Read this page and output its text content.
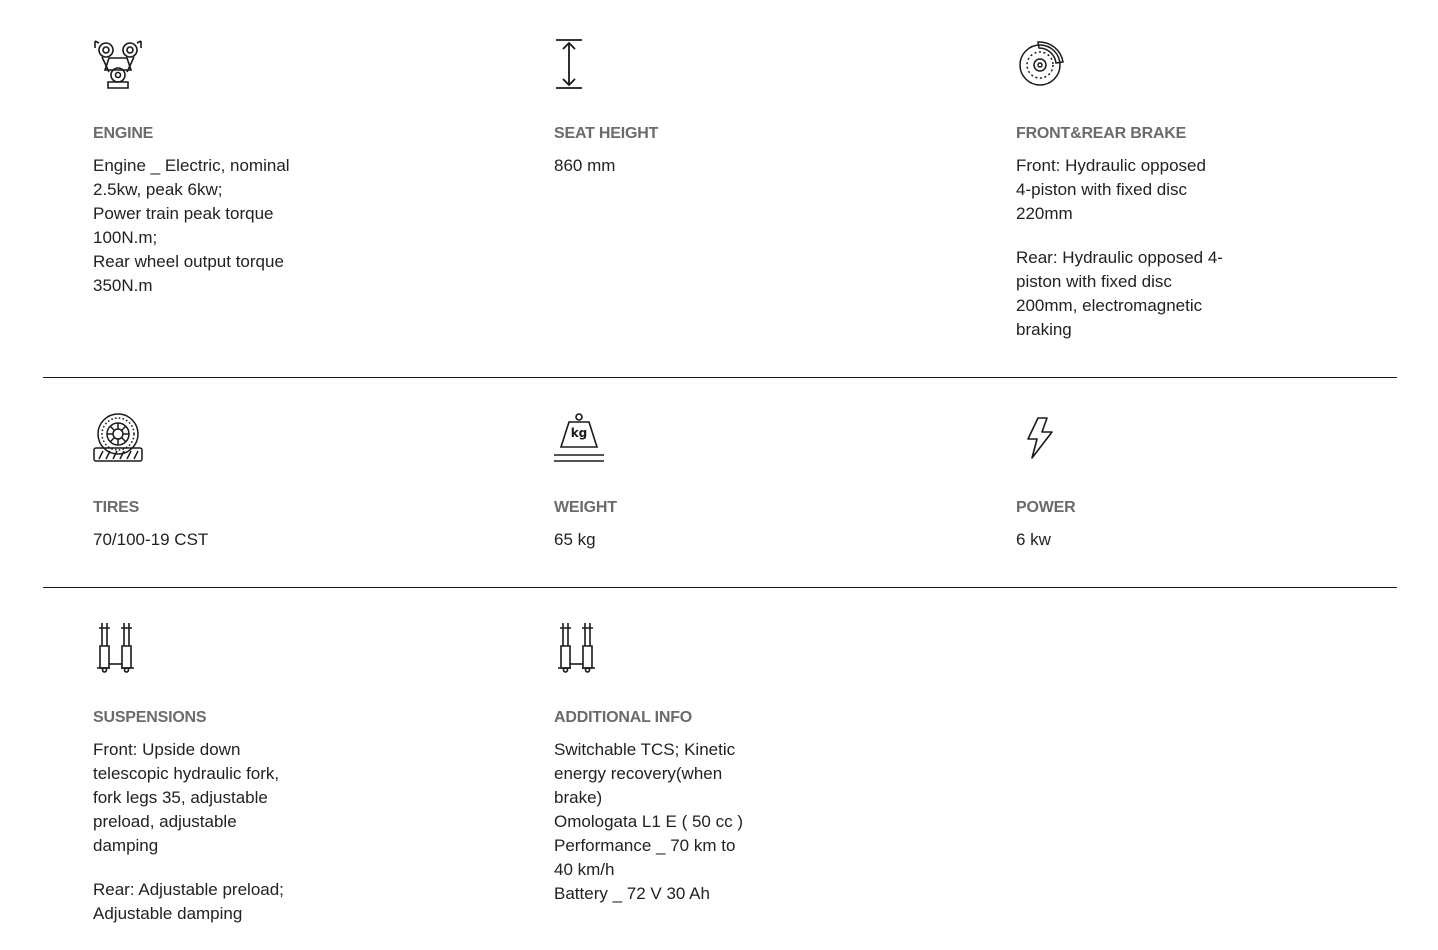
ENGINE

Engine _ Electric, nominal

2.5kw, peak 6kw;

Power train peak torque

100N.m;

Rear wheel output torque

350N.m

SEAT HEIGHT

860 mm

FRONT&REAR BRAKE

Front: Hydraulic opposed

4-piston with fixed disc

220mm

Rear: Hydraulic opposed 4-

piston with fixed disc

200mm, electromagnetic

braking

TIRES

70/100-19 CST

kg
WEIGHT

65 kg

POWER

6 kw

SUSPENSIONS

Front: Upside down

telescopic hydraulic fork,

fork legs 35, adjustable

preload, adjustable

damping

Rear: Adjustable preload;

Adjustable damping

ADDITIONAL INFO

Switchable TCS; Kinetic

energy recovery(when

brake)

Omologata L1 E ( 50 cc )

Performance _ 70 km to

40 km/h

Battery _ 72 V 30 Ah
